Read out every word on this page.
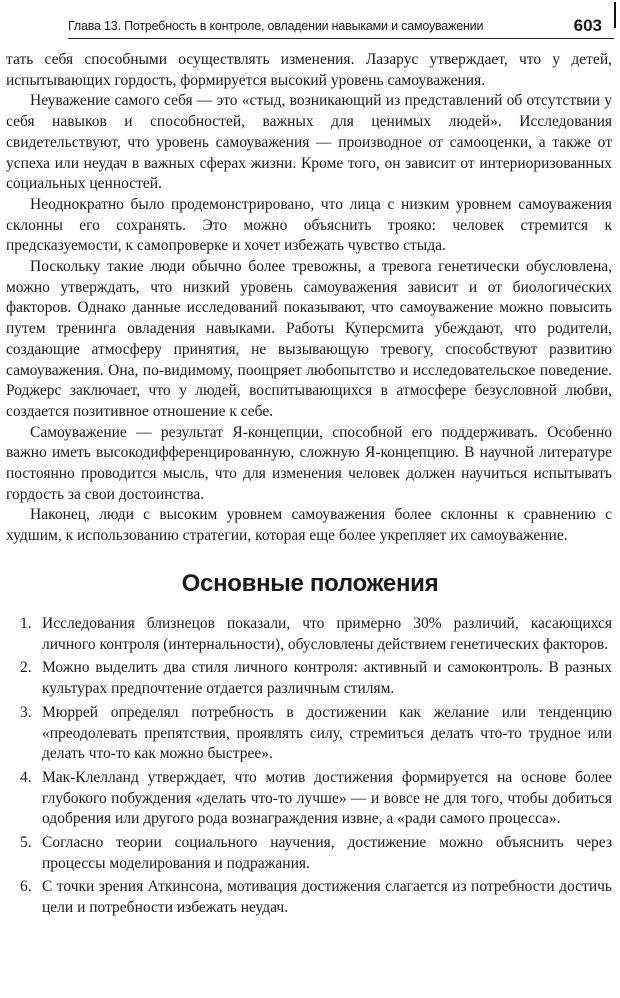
Глава 13. Потребность в контроле, овладении навыками и самоуважении	603

тать себя способными осуществлять изменения. Лазарус утверждает, что у детей, испытывающих гордость, формируется высокий уровень самоуважения.

Неуважение самого себя — это «стыд, возникающий из представлений об отсутствии у себя навыков и способностей, важных для ценимых людей». Исследования свидетельствуют, что уровень самоуважения — производное от самооценки, а также от успеха или неудач в важных сферах жизни. Кроме того, он зависит от интериоризованных социальных ценностей.

Неоднократно было продемонстрировано, что лица с низким уровнем самоуважения склонны его сохранять. Это можно объяснить трояко: человек стремится к предсказуемости, к самопроверке и хочет избежать чувство стыда.

Поскольку такие люди обычно более тревожны, а тревога генетически обусловлена, можно утверждать, что низкий уровень самоуважения зависит и от биологических факторов. Однако данные исследований показывают, что самоуважение можно повысить путем тренинга овладения навыками. Работы Куперсмита убеждают, что родители, создающие атмосферу принятия, не вызывающую тревогу, способствуют развитию самоуважения. Она, по-видимому, поощряет любопытство и исследовательское поведение. Роджерс заключает, что у людей, воспитывающихся в атмосфере безусловной любви, создается позитивное отношение к себе.

Самоуважение — результат Я-концепции, способной его поддерживать. Особенно важно иметь высокодифференцированную, сложную Я-концепцию. В научной литературе постоянно проводится мысль, что для изменения человек должен научиться испытывать гордость за свои достоинства.

Наконец, люди с высоким уровнем самоуважения более склонны к сравнению с худшим, к использованию стратегии, которая еще более укрепляет их самоуважение.

Основные положения
1. Исследования близнецов показали, что примерно 30% различий, касающихся личного контроля (интернальности), обусловлены действием генетических факторов.
2. Можно выделить два стиля личного контроля: активный и самоконтроль. В разных культурах предпочтение отдается различным стилям.
3. Мюррей определял потребность в достижении как желание или тенденцию «преодолевать препятствия, проявлять силу, стремиться делать что-то трудное или делать что-то как можно быстрее».
4. Мак-Клелланд утверждает, что мотив достижения формируется на основе более глубокого побуждения «делать что-то лучше» — и вовсе не для того, чтобы добиться одобрения или другого рода вознаграждения извне, а «ради самого процесса».
5. Согласно теории социального научения, достижение можно объяснить через процессы моделирования и подражания.
6. С точки зрения Аткинсона, мотивация достижения слагается из потребности достичь цели и потребности избежать неудач.
